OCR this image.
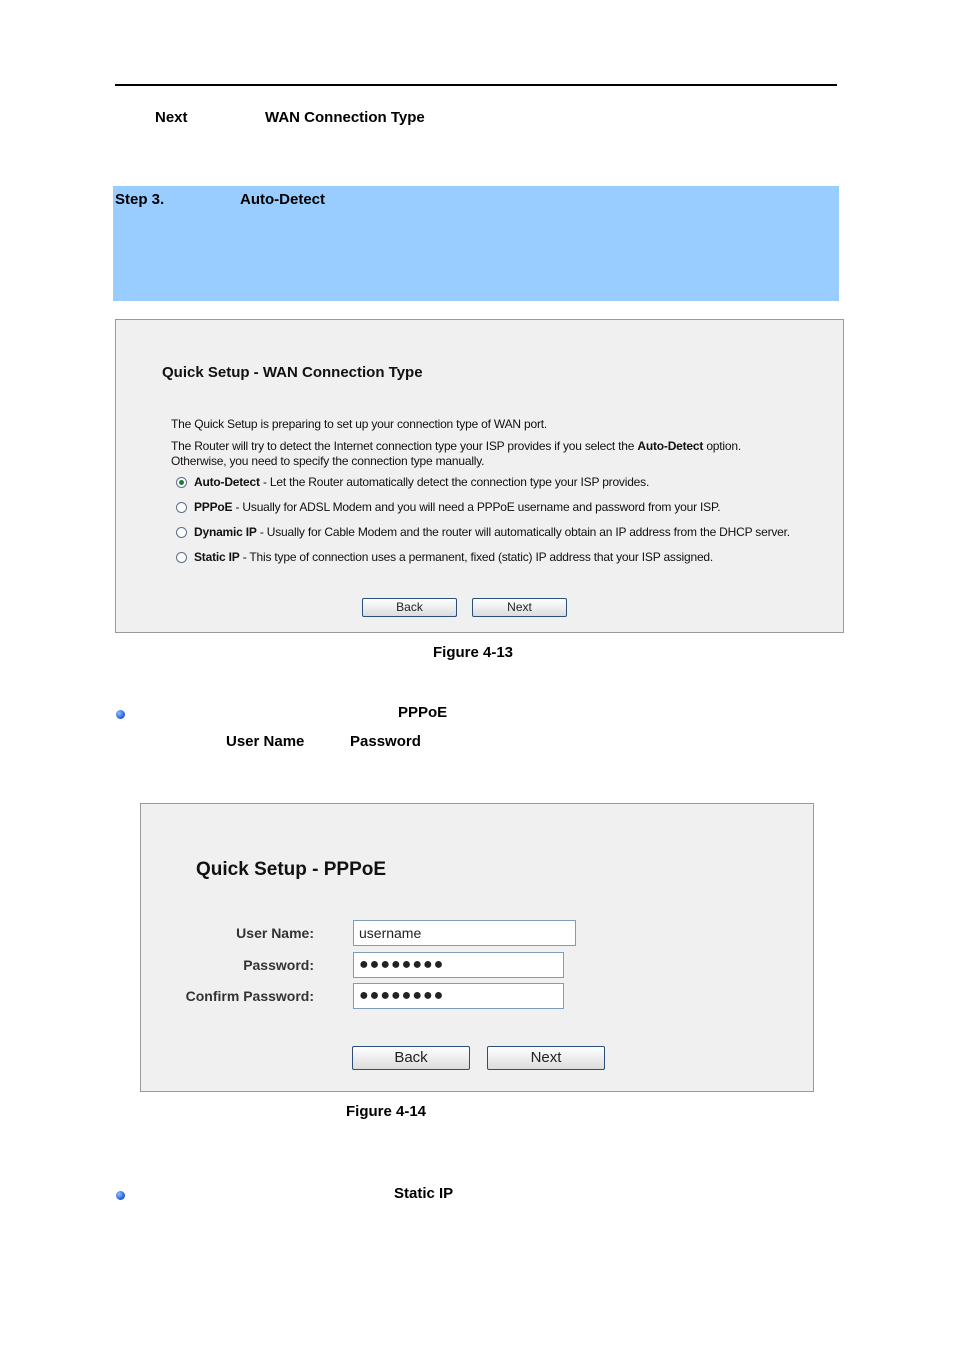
Next	WAN Connection Type
Step 3.	Auto-Detect
Quick Setup - WAN Connection Type
The Quick Setup is preparing to set up your connection type of WAN port.
The Router will try to detect the Internet connection type your ISP provides if you select the Auto-Detect option.
Otherwise, you need to specify the connection type manually.
Auto-Detect - Let the Router automatically detect the connection type your ISP provides.
PPPoE - Usually for ADSL Modem and you will need a PPPoE username and password from your ISP.
Dynamic IP - Usually for Cable Modem and the router will automatically obtain an IP address from the DHCP server.
Static IP - This type of connection uses a permanent, fixed (static) IP address that your ISP assigned.
Back	Next
Figure 4-13
PPPoE
User Name	Password
Quick Setup - PPPoE
User Name:	username
Password:	●●●●●●●●
Confirm Password:	●●●●●●●●
Back	Next
Figure 4-14
Static IP
